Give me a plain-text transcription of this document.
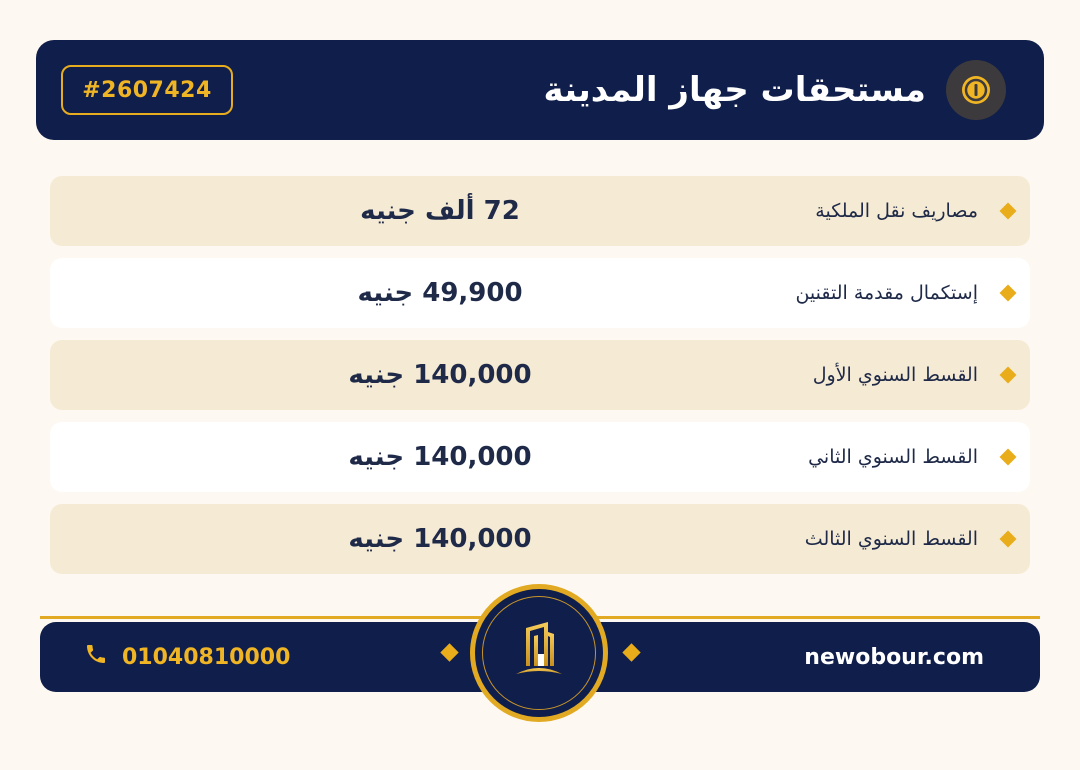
#2607424	مستحقات جهاز المدينة
مصاريف نقل الملكية
72 ألف جنيه
إستكمال مقدمة التقنين
49,900 جنيه
القسط السنوي الأول
140,000 جنيه
القسط السنوي الثاني
140,000 جنيه
القسط السنوي الثالث
140,000 جنيه
01040810000	newobour.com
